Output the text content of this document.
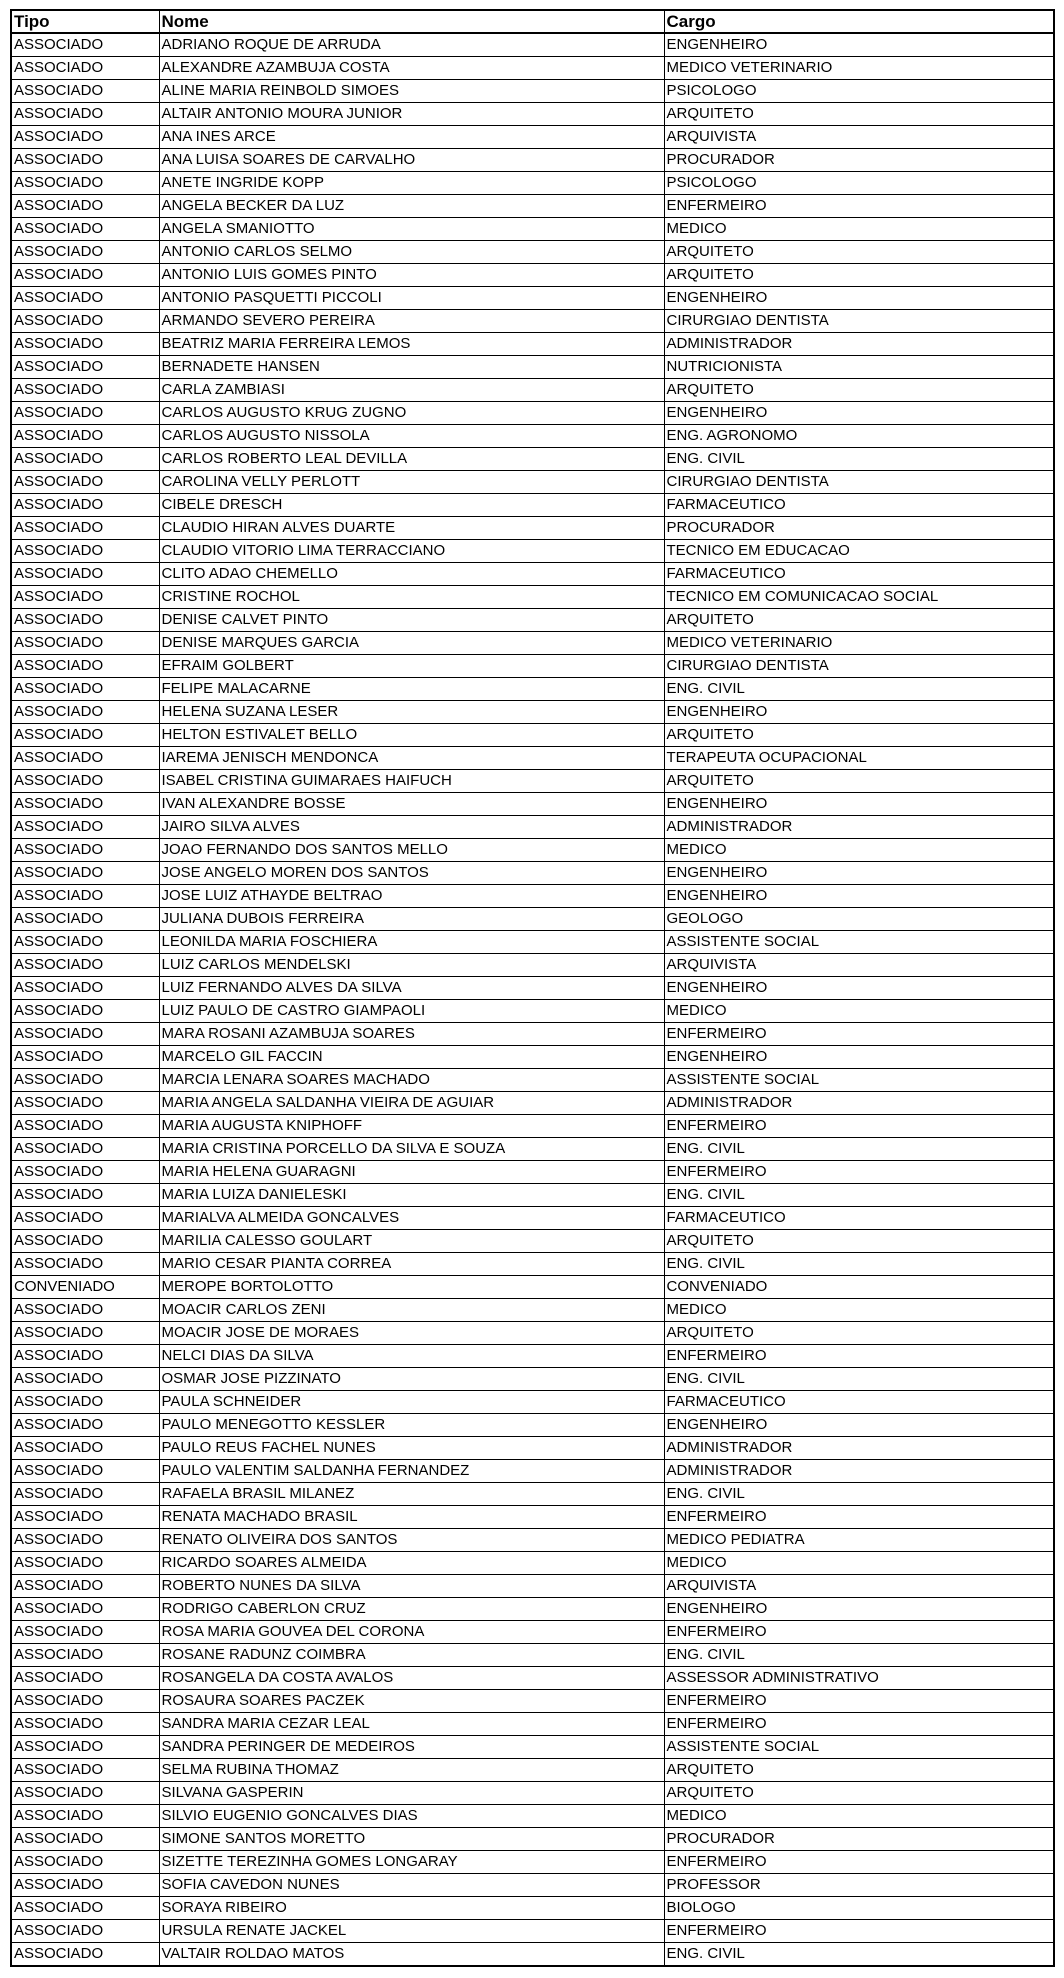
Tipo	Nome	Cargo
ASSOCIADO	ADRIANO ROQUE DE ARRUDA	ENGENHEIRO
ASSOCIADO	ALEXANDRE AZAMBUJA COSTA	MEDICO VETERINARIO
ASSOCIADO	ALINE MARIA REINBOLD SIMOES	PSICOLOGO
ASSOCIADO	ALTAIR ANTONIO MOURA JUNIOR	ARQUITETO
ASSOCIADO	ANA INES ARCE	ARQUIVISTA
ASSOCIADO	ANA LUISA SOARES DE CARVALHO	PROCURADOR
ASSOCIADO	ANETE INGRIDE KOPP	PSICOLOGO
ASSOCIADO	ANGELA BECKER DA LUZ	ENFERMEIRO
ASSOCIADO	ANGELA SMANIOTTO	MEDICO
ASSOCIADO	ANTONIO CARLOS SELMO	ARQUITETO
ASSOCIADO	ANTONIO LUIS GOMES PINTO	ARQUITETO
ASSOCIADO	ANTONIO PASQUETTI PICCOLI	ENGENHEIRO
ASSOCIADO	ARMANDO SEVERO PEREIRA	CIRURGIAO DENTISTA
ASSOCIADO	BEATRIZ MARIA FERREIRA LEMOS	ADMINISTRADOR
ASSOCIADO	BERNADETE HANSEN	NUTRICIONISTA
ASSOCIADO	CARLA ZAMBIASI	ARQUITETO
ASSOCIADO	CARLOS AUGUSTO KRUG ZUGNO	ENGENHEIRO
ASSOCIADO	CARLOS AUGUSTO NISSOLA	ENG. AGRONOMO
ASSOCIADO	CARLOS ROBERTO LEAL DEVILLA	ENG. CIVIL
ASSOCIADO	CAROLINA VELLY PERLOTT	CIRURGIAO DENTISTA
ASSOCIADO	CIBELE DRESCH	FARMACEUTICO
ASSOCIADO	CLAUDIO HIRAN ALVES DUARTE	PROCURADOR
ASSOCIADO	CLAUDIO VITORIO LIMA TERRACCIANO	TECNICO EM EDUCACAO
ASSOCIADO	CLITO ADAO CHEMELLO	FARMACEUTICO
ASSOCIADO	CRISTINE ROCHOL	TECNICO EM COMUNICACAO SOCIAL
ASSOCIADO	DENISE CALVET PINTO	ARQUITETO
ASSOCIADO	DENISE MARQUES GARCIA	MEDICO VETERINARIO
ASSOCIADO	EFRAIM GOLBERT	CIRURGIAO DENTISTA
ASSOCIADO	FELIPE MALACARNE	ENG. CIVIL
ASSOCIADO	HELENA SUZANA LESER	ENGENHEIRO
ASSOCIADO	HELTON ESTIVALET BELLO	ARQUITETO
ASSOCIADO	IAREMA JENISCH MENDONCA	TERAPEUTA OCUPACIONAL
ASSOCIADO	ISABEL CRISTINA GUIMARAES HAIFUCH	ARQUITETO
ASSOCIADO	IVAN ALEXANDRE BOSSE	ENGENHEIRO
ASSOCIADO	JAIRO SILVA ALVES	ADMINISTRADOR
ASSOCIADO	JOAO FERNANDO DOS SANTOS MELLO	MEDICO
ASSOCIADO	JOSE ANGELO MOREN DOS SANTOS	ENGENHEIRO
ASSOCIADO	JOSE LUIZ ATHAYDE BELTRAO	ENGENHEIRO
ASSOCIADO	JULIANA DUBOIS FERREIRA	GEOLOGO
ASSOCIADO	LEONILDA MARIA FOSCHIERA	ASSISTENTE SOCIAL
ASSOCIADO	LUIZ CARLOS MENDELSKI	ARQUIVISTA
ASSOCIADO	LUIZ FERNANDO ALVES DA SILVA	ENGENHEIRO
ASSOCIADO	LUIZ PAULO DE CASTRO GIAMPAOLI	MEDICO
ASSOCIADO	MARA ROSANI AZAMBUJA SOARES	ENFERMEIRO
ASSOCIADO	MARCELO GIL FACCIN	ENGENHEIRO
ASSOCIADO	MARCIA LENARA SOARES MACHADO	ASSISTENTE SOCIAL
ASSOCIADO	MARIA ANGELA SALDANHA VIEIRA DE AGUIAR	ADMINISTRADOR
ASSOCIADO	MARIA AUGUSTA KNIPHOFF	ENFERMEIRO
ASSOCIADO	MARIA CRISTINA PORCELLO DA SILVA E SOUZA	ENG. CIVIL
ASSOCIADO	MARIA HELENA GUARAGNI	ENFERMEIRO
ASSOCIADO	MARIA LUIZA DANIELESKI	ENG. CIVIL
ASSOCIADO	MARIALVA ALMEIDA GONCALVES	FARMACEUTICO
ASSOCIADO	MARILIA CALESSO GOULART	ARQUITETO
ASSOCIADO	MARIO CESAR PIANTA CORREA	ENG. CIVIL
CONVENIADO	MEROPE BORTOLOTTO	CONVENIADO
ASSOCIADO	MOACIR CARLOS ZENI	MEDICO
ASSOCIADO	MOACIR JOSE DE MORAES	ARQUITETO
ASSOCIADO	NELCI DIAS DA SILVA	ENFERMEIRO
ASSOCIADO	OSMAR JOSE PIZZINATO	ENG. CIVIL
ASSOCIADO	PAULA SCHNEIDER	FARMACEUTICO
ASSOCIADO	PAULO MENEGOTTO KESSLER	ENGENHEIRO
ASSOCIADO	PAULO REUS FACHEL NUNES	ADMINISTRADOR
ASSOCIADO	PAULO VALENTIM SALDANHA FERNANDEZ	ADMINISTRADOR
ASSOCIADO	RAFAELA BRASIL MILANEZ	ENG. CIVIL
ASSOCIADO	RENATA MACHADO BRASIL	ENFERMEIRO
ASSOCIADO	RENATO OLIVEIRA DOS SANTOS	MEDICO PEDIATRA
ASSOCIADO	RICARDO SOARES ALMEIDA	MEDICO
ASSOCIADO	ROBERTO NUNES DA SILVA	ARQUIVISTA
ASSOCIADO	RODRIGO CABERLON CRUZ	ENGENHEIRO
ASSOCIADO	ROSA MARIA GOUVEA DEL CORONA	ENFERMEIRO
ASSOCIADO	ROSANE RADUNZ COIMBRA	ENG. CIVIL
ASSOCIADO	ROSANGELA DA COSTA AVALOS	ASSESSOR ADMINISTRATIVO
ASSOCIADO	ROSAURA SOARES PACZEK	ENFERMEIRO
ASSOCIADO	SANDRA MARIA CEZAR LEAL	ENFERMEIRO
ASSOCIADO	SANDRA PERINGER DE MEDEIROS	ASSISTENTE SOCIAL
ASSOCIADO	SELMA RUBINA THOMAZ	ARQUITETO
ASSOCIADO	SILVANA GASPERIN	ARQUITETO
ASSOCIADO	SILVIO EUGENIO GONCALVES DIAS	MEDICO
ASSOCIADO	SIMONE SANTOS MORETTO	PROCURADOR
ASSOCIADO	SIZETTE TEREZINHA GOMES LONGARAY	ENFERMEIRO
ASSOCIADO	SOFIA CAVEDON NUNES	PROFESSOR
ASSOCIADO	SORAYA RIBEIRO	BIOLOGO
ASSOCIADO	URSULA RENATE JACKEL	ENFERMEIRO
ASSOCIADO	VALTAIR ROLDAO MATOS	ENG. CIVIL
